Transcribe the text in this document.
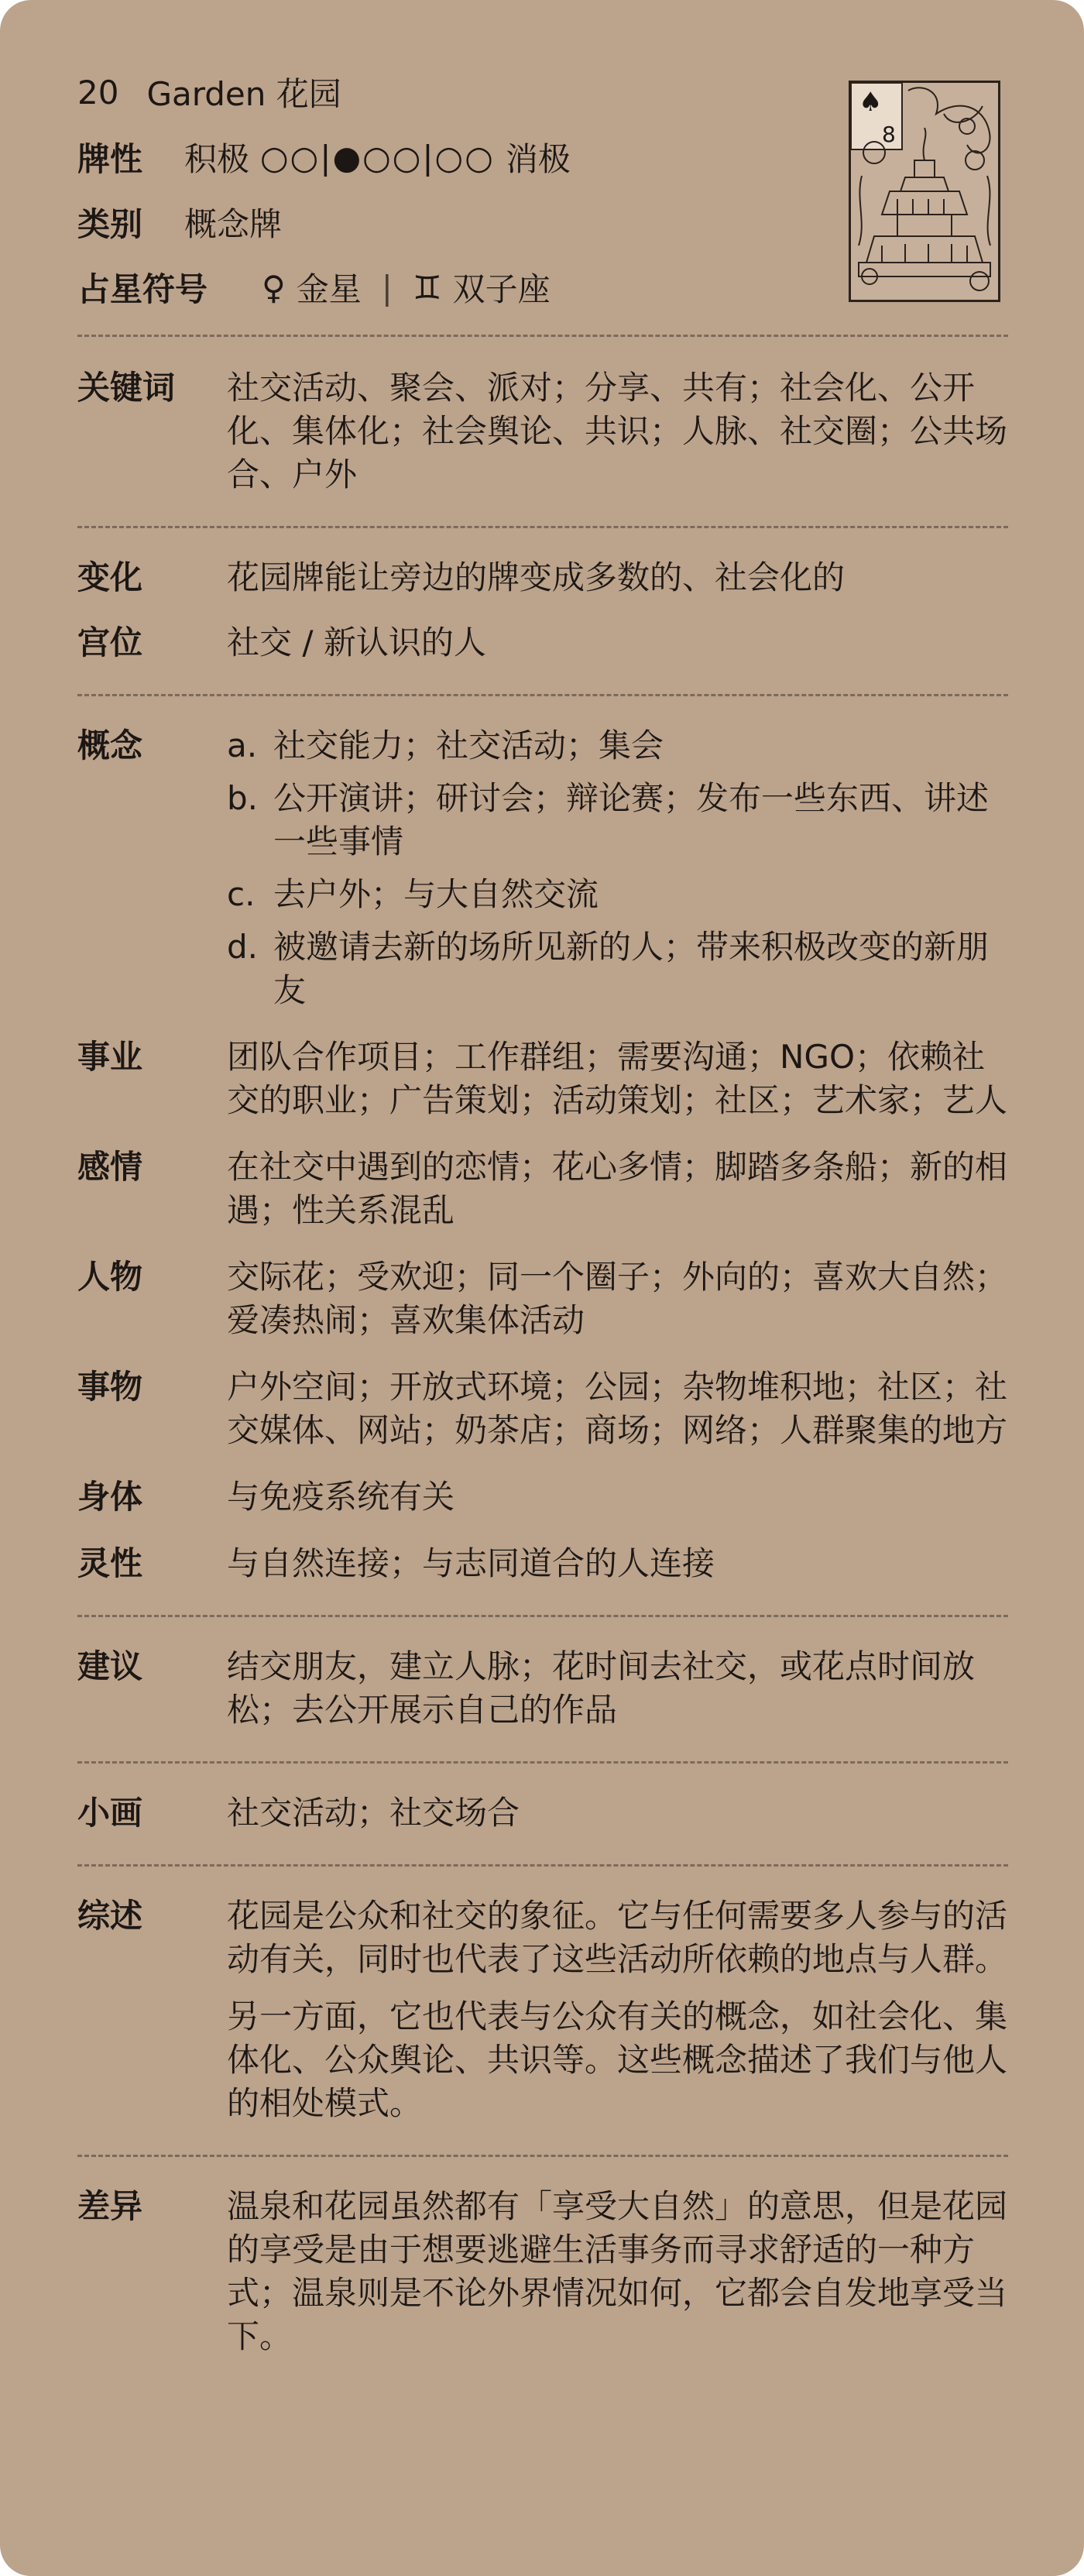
20 Garden 花园
牌性	积极 ○○|●○○|○○ 消极
类别	概念牌
占星符号	♀ 金星 | ♊ 双子座
♠
8
关键词	社交活动、聚会、派对；分享、共有；社会化、公开化、集体化；社会舆论、共识；人脉、社交圈；公共场合、户外
变化	花园牌能让旁边的牌变成多数的、社会化的
宫位	社交 / 新认识的人
概念	a. 社交能力；社交活动；集会
b. 公开演讲；研讨会；辩论赛；发布一些东西、讲述一些事情
c. 去户外；与大自然交流
d. 被邀请去新的场所见新的人；带来积极改变的新朋友
事业	团队合作项目；工作群组；需要沟通；NGO；依赖社交的职业；广告策划；活动策划；社区；艺术家；艺人
感情	在社交中遇到的恋情；花心多情；脚踏多条船；新的相遇；性关系混乱
人物	交际花；受欢迎；同一个圈子；外向的；喜欢大自然；爱凑热闹；喜欢集体活动
事物	户外空间；开放式环境；公园；杂物堆积地；社区；社交媒体、网站；奶茶店；商场；网络；人群聚集的地方
身体	与免疫系统有关
灵性	与自然连接；与志同道合的人连接
建议	结交朋友，建立人脉；花时间去社交，或花点时间放松；去公开展示自己的作品
小画	社交活动；社交场合
综述	花园是公众和社交的象征。它与任何需要多人参与的活动有关，同时也代表了这些活动所依赖的地点与人群。
另一方面，它也代表与公众有关的概念，如社会化、集体化、公众舆论、共识等。这些概念描述了我们与他人的相处模式。
差异	温泉和花园虽然都有「享受大自然」的意思，但是花园的享受是由于想要逃避生活事务而寻求舒适的一种方式；温泉则是不论外界情况如何，它都会自发地享受当下。
